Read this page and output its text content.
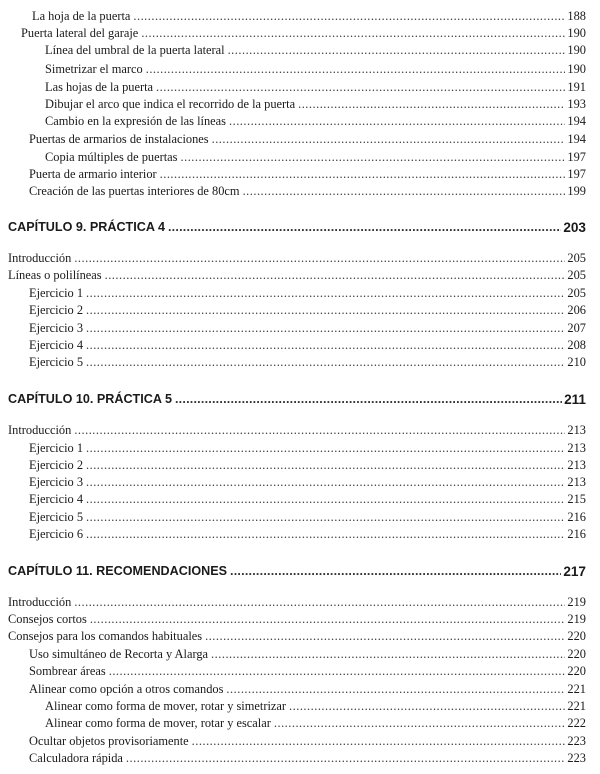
La hoja de la puerta .....	188
Puerta lateral del garaje .....	190
Línea del umbral de la puerta lateral .....	190
Simetrizar el marco .....	190
Las hojas de la puerta .....	191
Dibujar el arco que indica el recorrido de la puerta .....	193
Cambio en la expresión de las líneas .....	194
Puertas de armarios de instalaciones .....	194
Copia múltiples de puertas .....	197
Puerta de armario interior .....	197
Creación de las puertas interiores de 80cm .....	199
CAPÍTULO 9. PRÁCTICA 4 .....	203
Introducción .....	205
Líneas o polilíneas .....	205
Ejercicio 1 .....	205
Ejercicio 2 .....	206
Ejercicio 3 .....	207
Ejercicio 4 .....	208
Ejercicio 5 .....	210
CAPÍTULO 10. PRÁCTICA 5 .....	211
Introducción .....	213
Ejercicio 1 .....	213
Ejercicio 2 .....	213
Ejercicio 3 .....	213
Ejercicio 4 .....	215
Ejercicio 5 .....	216
Ejercicio 6 .....	216
CAPÍTULO 11. RECOMENDACIONES .....	217
Introducción .....	219
Consejos cortos .....	219
Consejos para los comandos habituales .....	220
Uso simultáneo de Recorta y Alarga .....	220
Sombrear áreas .....	220
Alinear como opción a otros comandos .....	221
Alinear como forma de mover, rotar y simetrizar .....	221
Alinear como forma de mover, rotar y escalar .....	222
Ocultar objetos provisoriamente .....	223
Calculadora rápida .....	223
